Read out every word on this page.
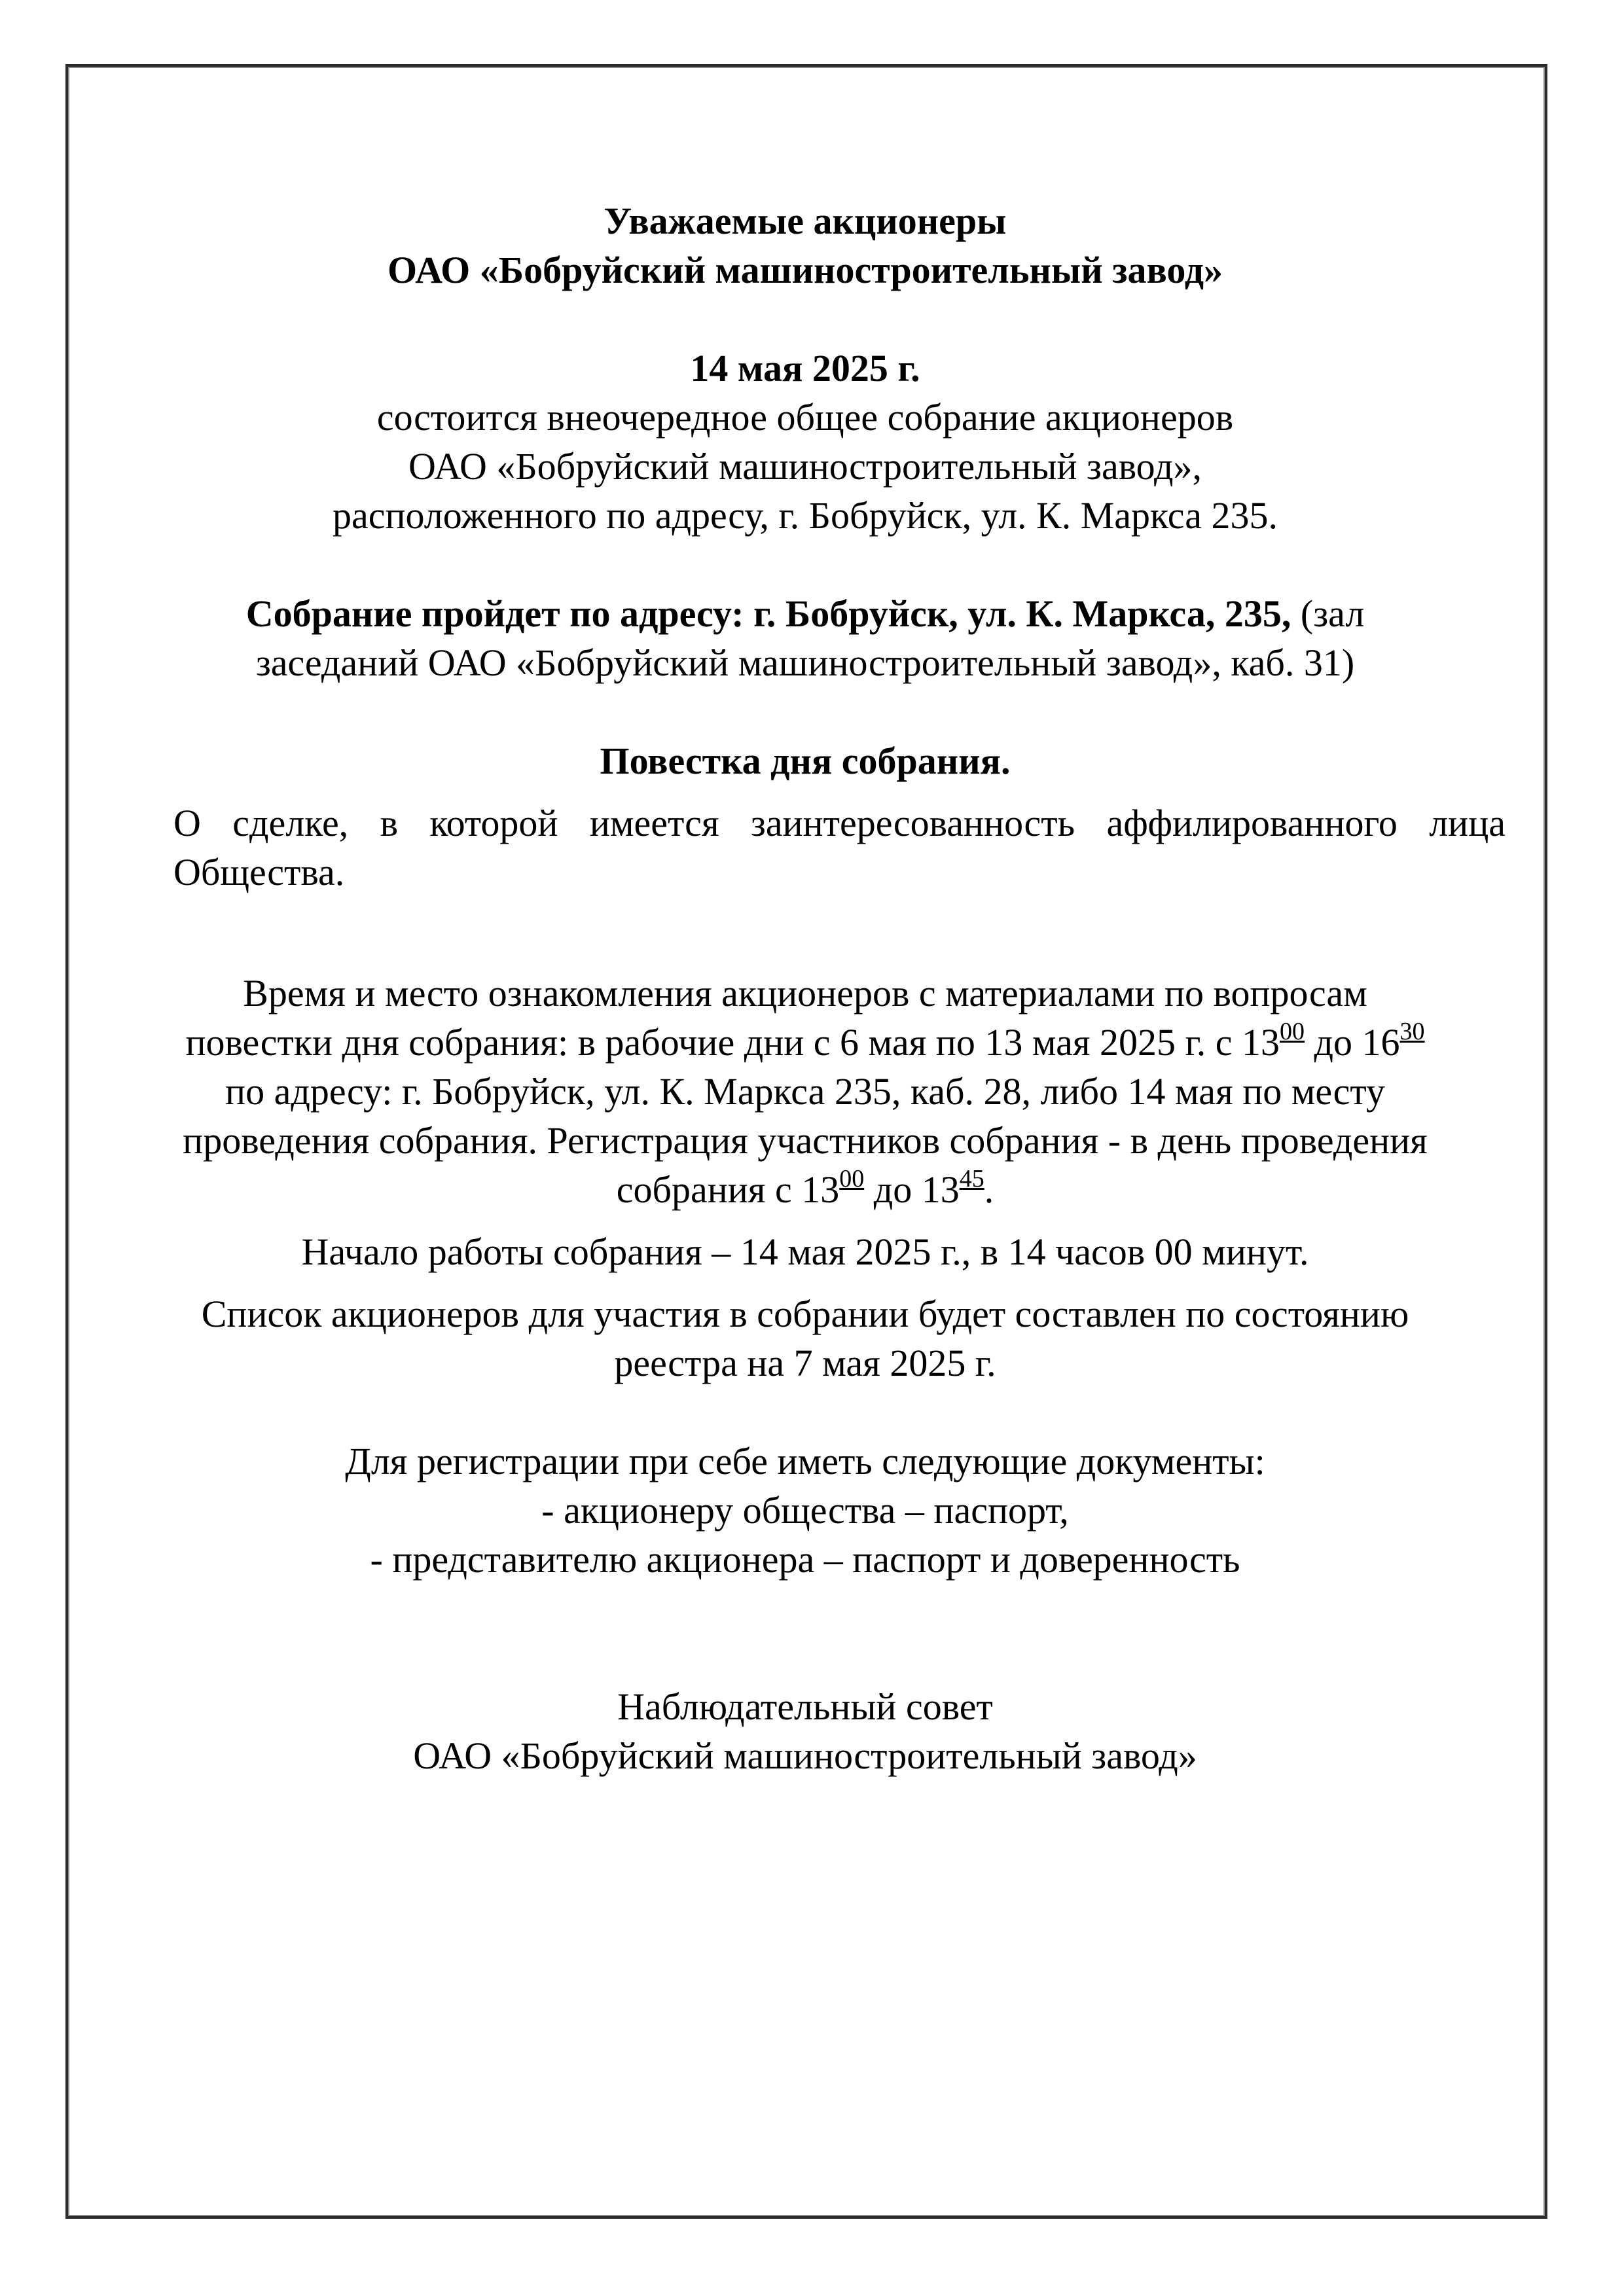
Уважаемые акционеры
ОАО «Бобруйский машиностроительный завод»
14 мая 2025 г.
состоится внеочередное общее собрание акционеров
ОАО «Бобруйский машиностроительный завод»,
расположенного по адресу, г. Бобруйск, ул. К. Маркса 235.
Собрание пройдет по адресу: г. Бобруйск, ул. К. Маркса, 235, (зал
заседаний ОАО «Бобруйский машиностроительный завод», каб. 31)
Повестка дня собрания.
О сделке, в которой имеется заинтересованность аффилированного лица Общества.
Время и место ознакомления акционеров с материалами по вопросам
повестки дня собрания: в рабочие дни с 6 мая по 13 мая 2025 г. с $13^{00}$ до $16^{30}$
по адресу: г. Бобруйск, ул. К. Маркса 235, каб. 28, либо 14 мая по месту
проведения собрания. Регистрация участников собрания - в день проведения
собрания с $13^{00}$ до $13^{45}$.
Начало работы собрания – 14 мая 2025 г., в 14 часов 00 минут.
Список акционеров для участия в собрании будет составлен по состоянию
реестра на 7 мая 2025 г.
Для регистрации при себе иметь следующие документы:
- акционеру общества – паспорт,
- представителю акционера – паспорт и доверенность
Наблюдательный совет
ОАО «Бобруйский машиностроительный завод»
